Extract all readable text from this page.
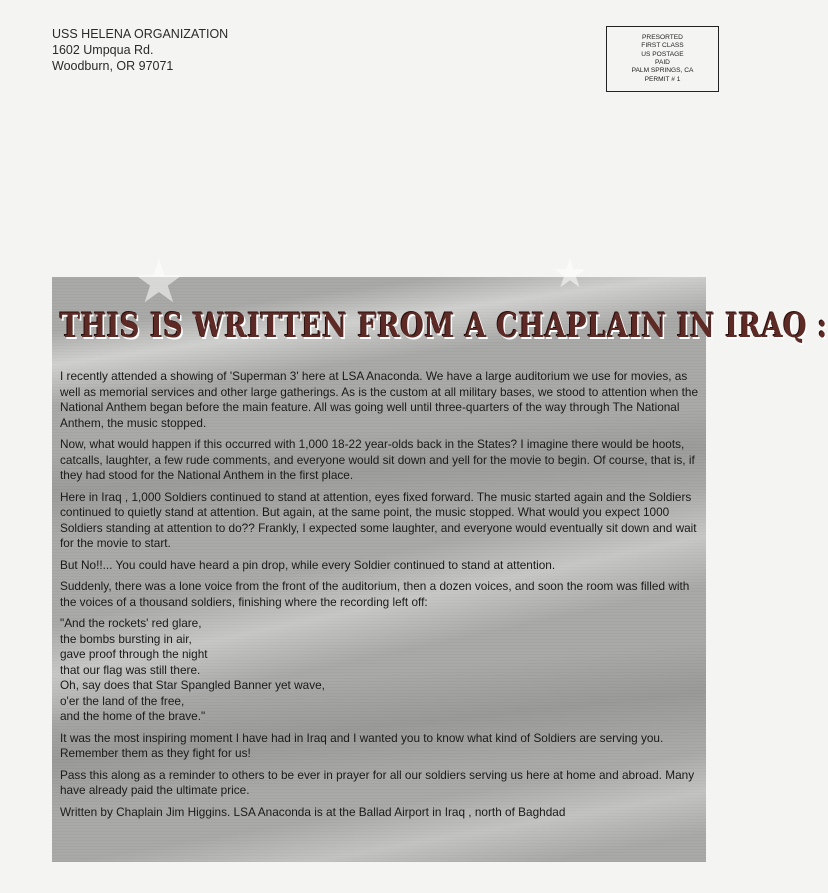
USS HELENA ORGANIZATION
1602 Umpqua Rd.
Woodburn, OR 97071
PRESORTED
FIRST CLASS
US POSTAGE
PAID
PALM SPRINGS, CA
PERMIT # 1
★	★
THIS IS WRITTEN FROM A CHAPLAIN IN IRAQ :

I recently attended a showing of 'Superman 3' here at LSA Anaconda. We have a large auditorium we use for movies, as well as memorial services and other large gatherings. As is the custom at all military bases, we stood to attention when the National Anthem began before the main feature. All was going well until three-quarters of the way through The National Anthem, the music stopped.

Now, what would happen if this occurred with 1,000 18-22 year-olds back in the States? I imagine there would be hoots, catcalls, laughter, a few rude comments, and everyone would sit down and yell for the movie to begin. Of course, that is, if they had stood for the National Anthem in the first place.

Here in Iraq , 1,000 Soldiers continued to stand at attention, eyes fixed forward. The music started again and the Soldiers continued to quietly stand at attention. But again, at the same point, the music stopped. What would you expect 1000 Soldiers standing at attention to do?? Frankly, I expected some laughter, and everyone would eventually sit down and wait for the movie to start.

But No!!... You could have heard a pin drop, while every Soldier continued to stand at attention.

Suddenly, there was a lone voice from the front of the auditorium, then a dozen voices, and soon the room was filled with the voices of a thousand soldiers, finishing where the recording left off:

"And the rockets' red glare,
the bombs bursting in air,
gave proof through the night
that our flag was still there.
Oh, say does that Star Spangled Banner yet wave,
o'er the land of the free,
and the home of the brave."

It was the most inspiring moment I have had in Iraq and I wanted you to know what kind of Soldiers are serving you. Remember them as they fight for us!

Pass this along as a reminder to others to be ever in prayer for all our soldiers serving us here at home and abroad. Many have already paid the ultimate price.

Written by Chaplain Jim Higgins. LSA Anaconda is at the Ballad Airport in Iraq , north of Baghdad
